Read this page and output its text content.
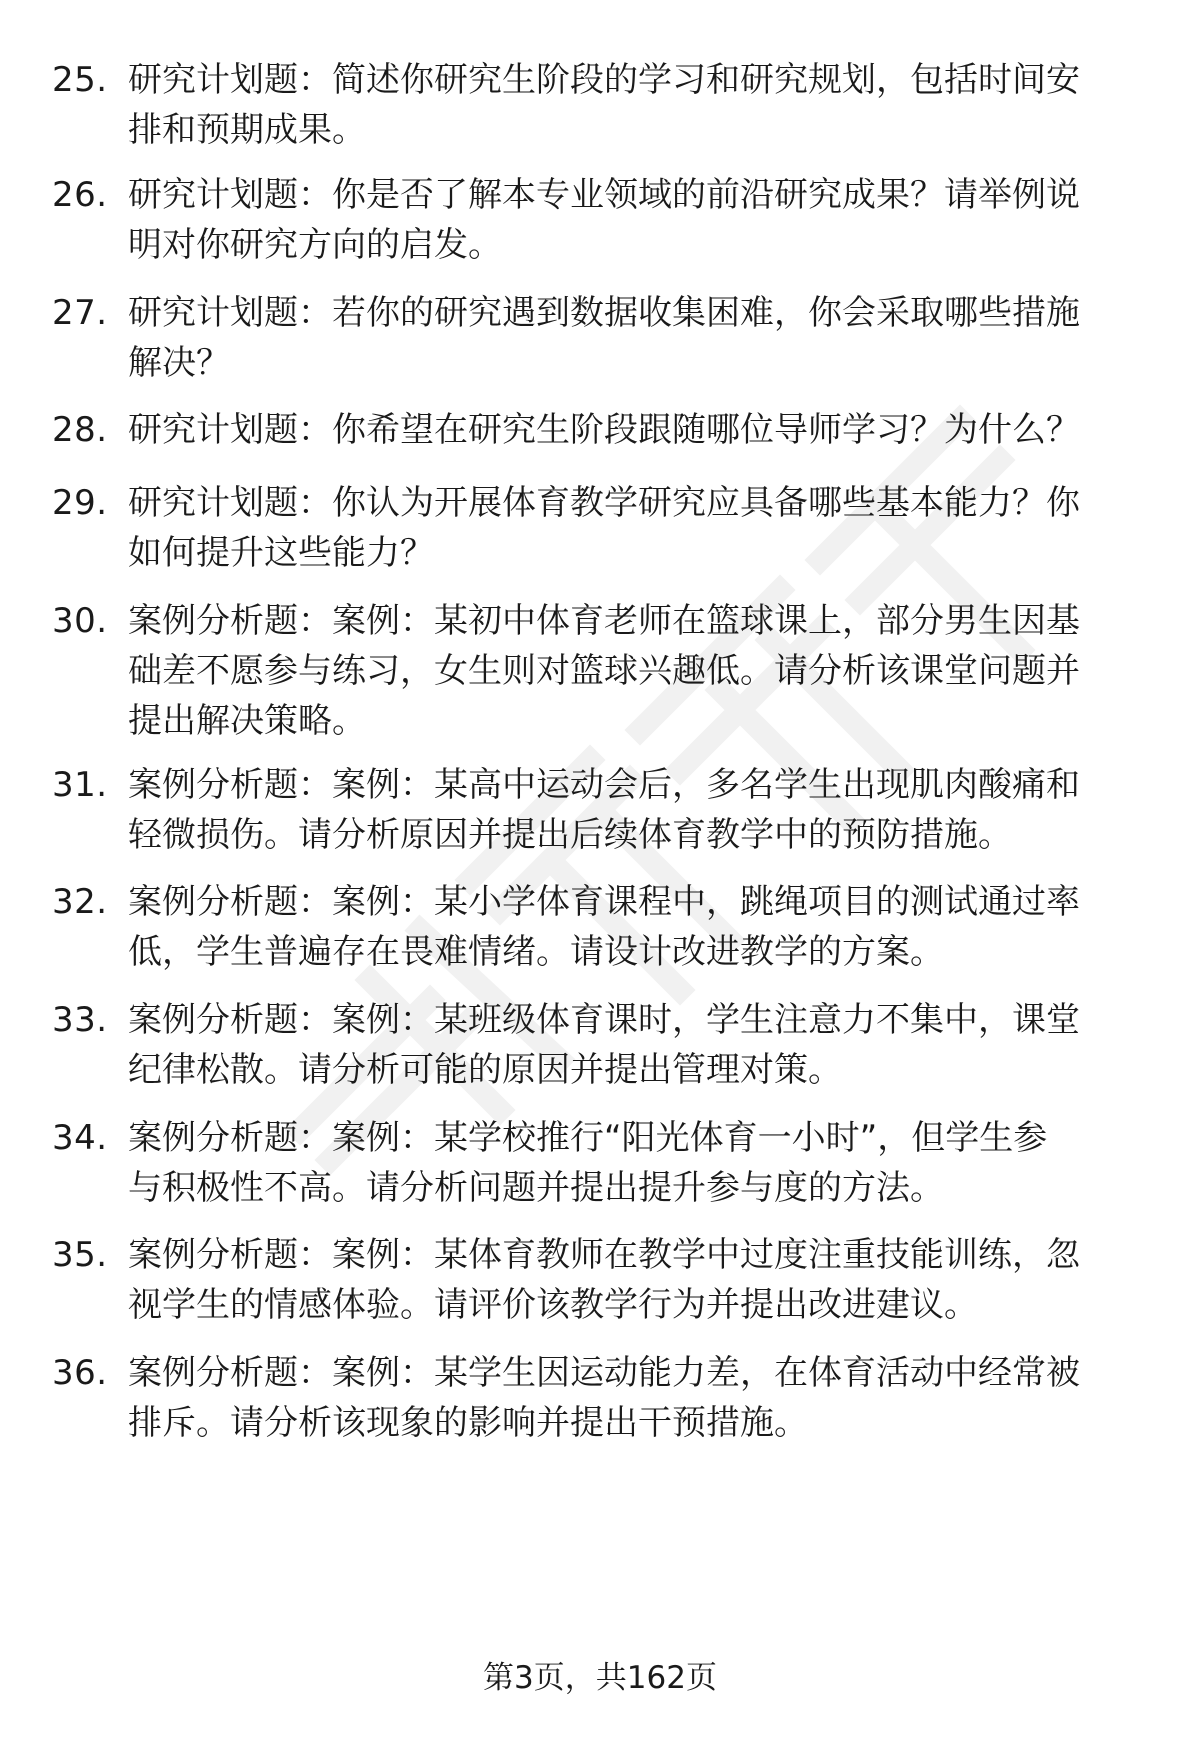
25. 研究计划题：简述你研究生阶段的学习和研究规划，包括时间安
排和预期成果。
26. 研究计划题：你是否了解本专业领域的前沿研究成果？请举例说
明对你研究方向的启发。
27. 研究计划题：若你的研究遇到数据收集困难，你会采取哪些措施
解决？
28. 研究计划题：你希望在研究生阶段跟随哪位导师学习？为什么？
29. 研究计划题：你认为开展体育教学研究应具备哪些基本能力？你
如何提升这些能力？
30. 案例分析题：案例：某初中体育老师在篮球课上，部分男生因基
础差不愿参与练习，女生则对篮球兴趣低。请分析该课堂问题并
提出解决策略。
31. 案例分析题：案例：某高中运动会后，多名学生出现肌肉酸痛和
轻微损伤。请分析原因并提出后续体育教学中的预防措施。
32. 案例分析题：案例：某小学体育课程中，跳绳项目的测试通过率
低，学生普遍存在畏难情绪。请设计改进教学的方案。
33. 案例分析题：案例：某班级体育课时，学生注意力不集中，课堂
纪律松散。请分析可能的原因并提出管理对策。
34. 案例分析题：案例：某学校推行“阳光体育一小时”，但学生参
与积极性不高。请分析问题并提出提升参与度的方法。
35. 案例分析题：案例：某体育教师在教学中过度注重技能训练，忽
视学生的情感体验。请评价该教学行为并提出改进建议。
36. 案例分析题：案例：某学生因运动能力差，在体育活动中经常被
排斥。请分析该现象的影响并提出干预措施。
第3页，共162页
